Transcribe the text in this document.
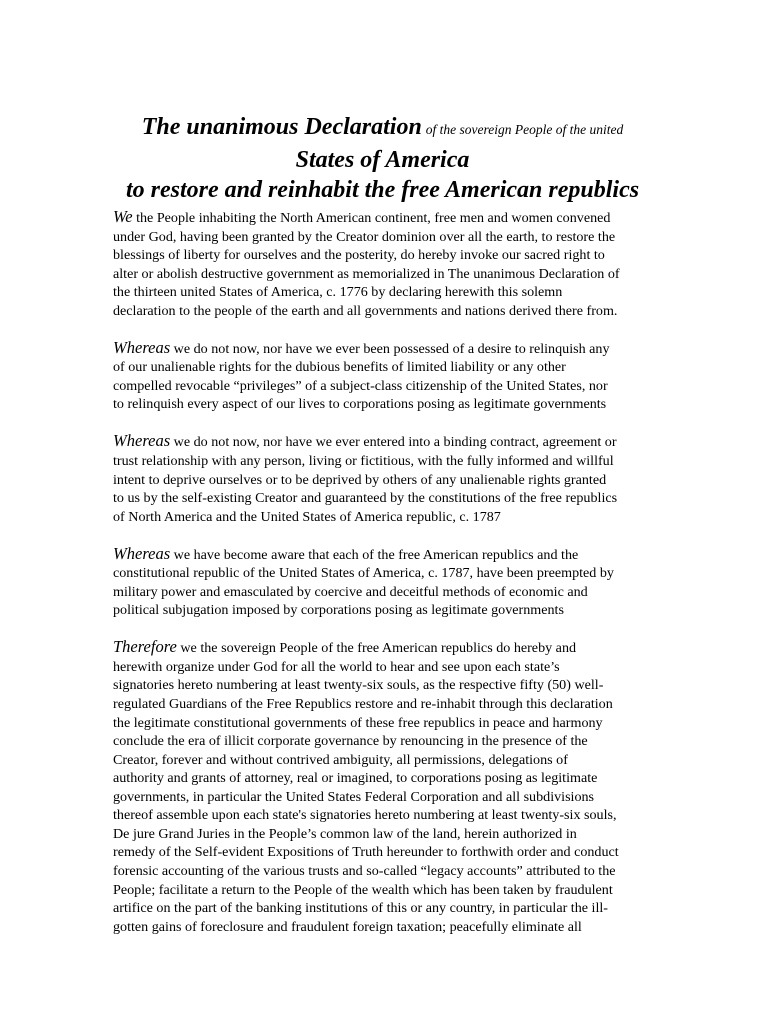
The unanimous Declaration of the sovereign People of the united
States of America
to restore and reinhabit the free American republics

We the People inhabiting the North American continent, free men and women convened
under God, having been granted by the Creator dominion over all the earth, to restore the
blessings of liberty for ourselves and the posterity, do hereby invoke our sacred right to
alter or abolish destructive government as memorialized in The unanimous Declaration of
the thirteen united States of America, c. 1776 by declaring herewith this solemn
declaration to the people of the earth and all governments and nations derived there from.

Whereas we do not now, nor have we ever been possessed of a desire to relinquish any
of our unalienable rights for the dubious benefits of limited liability or any other
compelled revocable “privileges” of a subject-class citizenship of the United States, nor
to relinquish every aspect of our lives to corporations posing as legitimate governments

Whereas we do not now, nor have we ever entered into a binding contract, agreement or
trust relationship with any person, living or fictitious, with the fully informed and willful
intent to deprive ourselves or to be deprived by others of any unalienable rights granted
to us by the self-existing Creator and guaranteed by the constitutions of the free republics
of North America and the United States of America republic, c. 1787

Whereas we have become aware that each of the free American republics and the
constitutional republic of the United States of America, c. 1787, have been preempted by
military power and emasculated by coercive and deceitful methods of economic and
political subjugation imposed by corporations posing as legitimate governments

Therefore we the sovereign People of the free American republics do hereby and
herewith organize under God for all the world to hear and see upon each state’s
signatories hereto numbering at least twenty-six souls, as the respective fifty (50) well-
regulated Guardians of the Free Republics restore and re-inhabit through this declaration
the legitimate constitutional governments of these free republics in peace and harmony
conclude the era of illicit corporate governance by renouncing in the presence of the
Creator, forever and without contrived ambiguity, all permissions, delegations of
authority and grants of attorney, real or imagined, to corporations posing as legitimate
governments, in particular the United States Federal Corporation and all subdivisions
thereof assemble upon each state's signatories hereto numbering at least twenty-six souls,
De jure Grand Juries in the People’s common law of the land, herein authorized in
remedy of the Self-evident Expositions of Truth hereunder to forthwith order and conduct
forensic accounting of the various trusts and so-called “legacy accounts” attributed to the
People; facilitate a return to the People of the wealth which has been taken by fraudulent
artifice on the part of the banking institutions of this or any country, in particular the ill-
gotten gains of foreclosure and fraudulent foreign taxation; peacefully eliminate all
